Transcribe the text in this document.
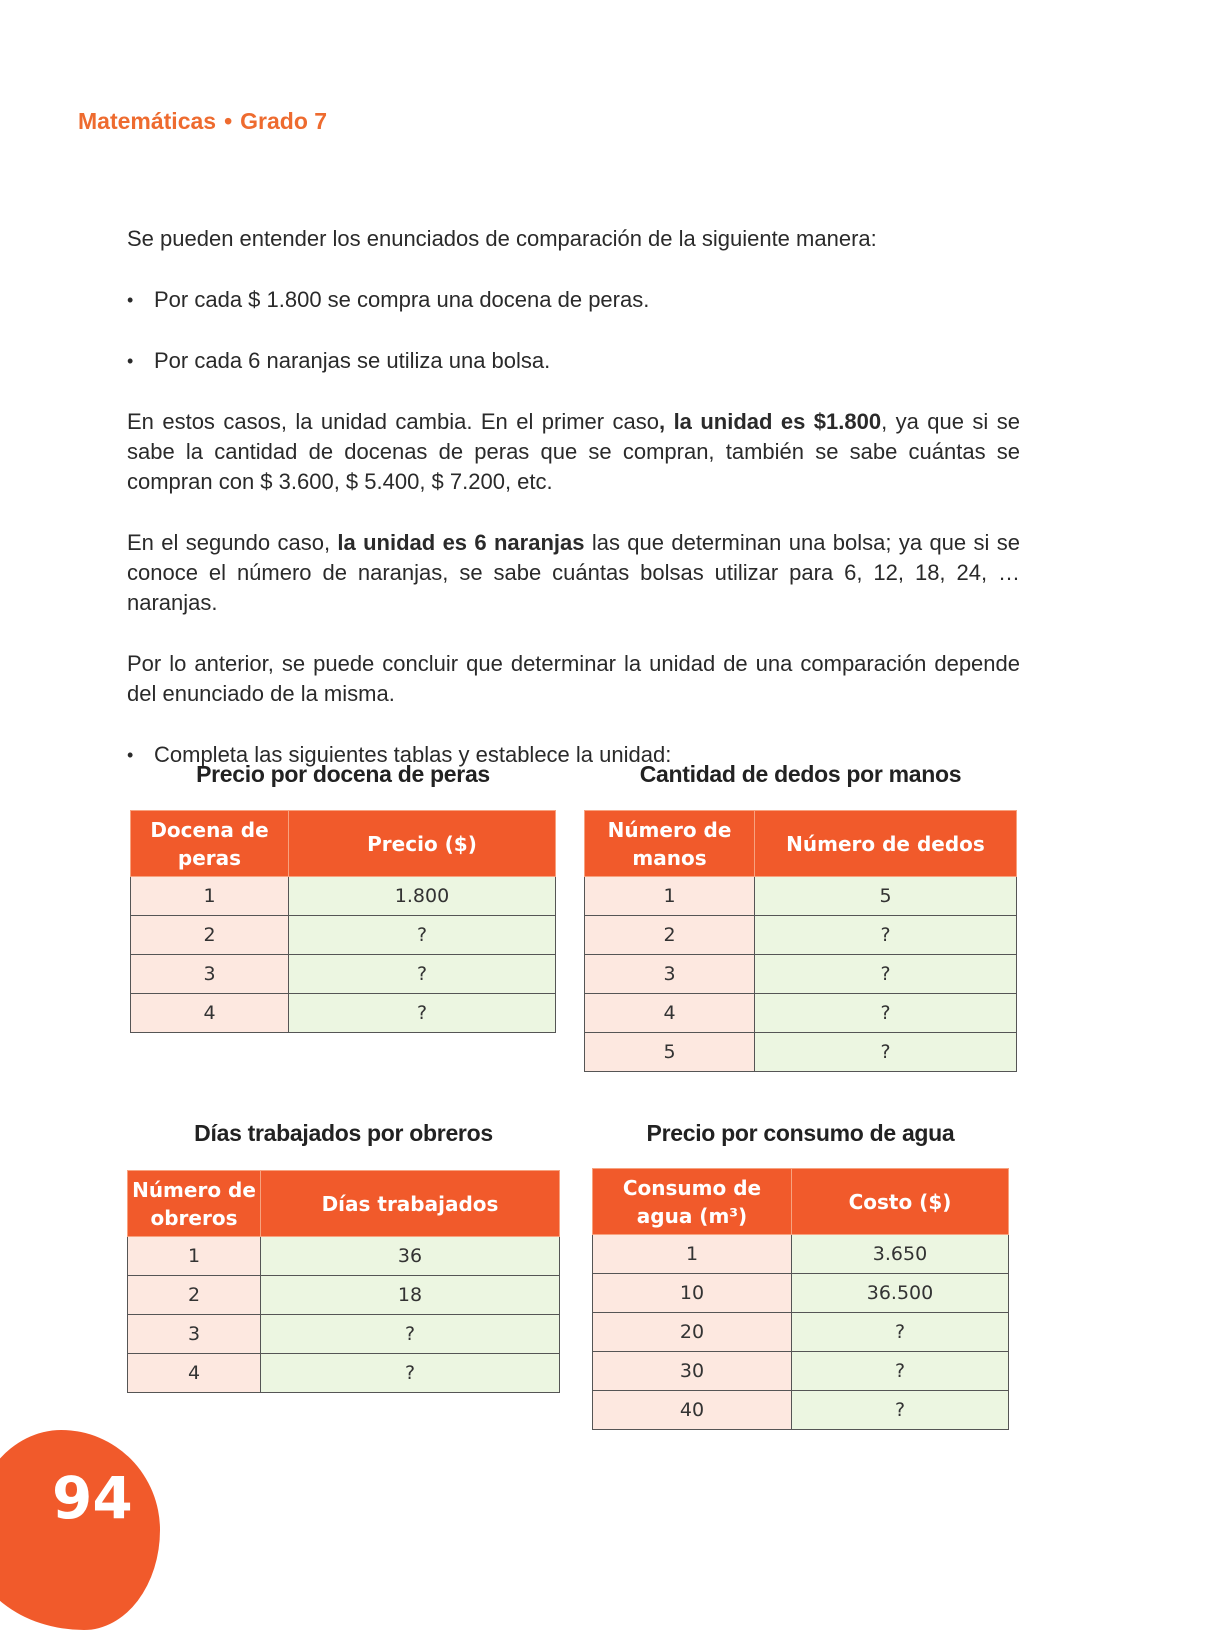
Matemáticas • Grado 7

Se pueden entender los enunciados de comparación de la siguiente manera:

• Por cada $ 1.800 se compra una docena de peras.
• Por cada 6 naranjas se utiliza una bolsa.

En estos casos, la unidad cambia. En el primer caso, la unidad es $1.800, ya que si se sabe la cantidad de docenas de peras que se compran, también se sabe cuántas se compran con $ 3.600, $ 5.400, $ 7.200, etc.

En el segundo caso, la unidad es 6 naranjas las que determinan una bolsa; ya que si se conoce el número de naranjas, se sabe cuántas bolsas utilizar para 6, 12, 18, 24, … naranjas.

Por lo anterior, se puede concluir que determinar la unidad de una comparación depende del enunciado de la misma.

• Completa las siguientes tablas y establece la unidad:
Precio por docena de peras
Docena de peras	Precio ($)
1	1.800
2	?
3	?
4	?
Cantidad de dedos por manos
Número de manos	Número de dedos
1	5
2	?
3	?
4	?
5	?
Días trabajados por obreros
Número de obreros	Días trabajados
1	36
2	18
3	?
4	?
Precio por consumo de agua
Consumo de agua (m³)	Costo ($)
1	3.650
10	36.500
20	?
30	?
40	?
94
